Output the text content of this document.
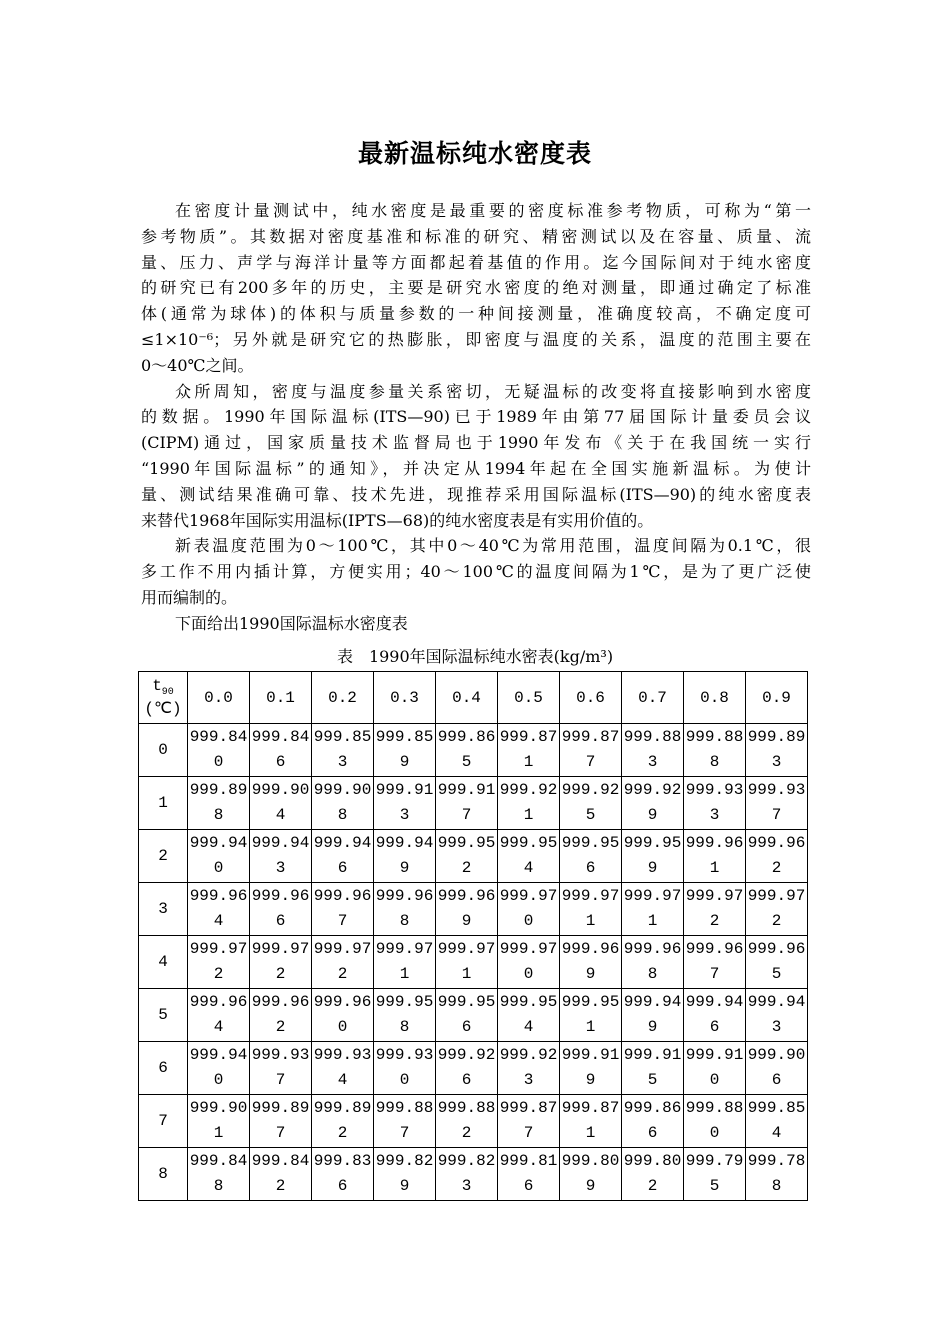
最新温标纯水密度表
在密度计量测试中，纯水密度是最重要的密度标准参考物质，可称为“第一
参考物质”。其数据对密度基准和标准的研究、精密测试以及在容量、质量、流
量、压力、声学与海洋计量等方面都起着基值的作用。迄今国际间对于纯水密度
的研究已有200多年的历史，主要是研究水密度的绝对测量，即通过确定了标准
体(通常为球体)的体积与质量参数的一种间接测量，准确度较高，不确定度可
≤1×10⁻⁶；另外就是研究它的热膨胀，即密度与温度的关系，温度的范围主要在
0～40℃之间。
众所周知，密度与温度参量关系密切，无疑温标的改变将直接影响到水密度
的数据。1990年国际温标(ITS—90)已于1989年由第77届国际计量委员会议
(CIPM)通过，国家质量技术监督局也于1990年发布《关于在我国统一实行
“1990年国际温标”的通知》，并决定从1994年起在全国实施新温标。为使计
量、测试结果准确可靠、技术先进，现推荐采用国际温标(ITS—90)的纯水密度表
来替代1968年国际实用温标(IPTS—68)的纯水密度表是有实用价值的。
新表温度范围为0～100℃，其中0～40℃为常用范围，温度间隔为0.1℃，很
多工作不用内插计算，方便实用；40～100℃的温度间隔为1℃，是为了更广泛使
用而编制的。
下面给出1990国际温标水密度表
表　1990年国际温标纯水密表(kg/m³)
$t_{90}$
(℃)	0.0	0.1	0.2	0.3	0.4	0.5	0.6	0.7	0.8	0.9
0	999.840	999.846	999.853	999.859	999.865	999.871	999.877	999.883	999.888	999.893
1	999.898	999.904	999.908	999.913	999.917	999.921	999.925	999.929	999.933	999.937
2	999.940	999.943	999.946	999.949	999.952	999.954	999.956	999.959	999.961	999.962
3	999.964	999.966	999.967	999.968	999.969	999.970	999.971	999.971	999.972	999.972
4	999.972	999.972	999.972	999.971	999.971	999.970	999.969	999.968	999.967	999.965
5	999.964	999.962	999.960	999.958	999.956	999.954	999.951	999.949	999.946	999.943
6	999.940	999.937	999.934	999.930	999.926	999.923	999.919	999.915	999.910	999.906
7	999.901	999.897	999.892	999.887	999.882	999.877	999.871	999.866	999.880	999.854
8	999.848	999.842	999.836	999.829	999.823	999.816	999.809	999.802	999.795	999.788
